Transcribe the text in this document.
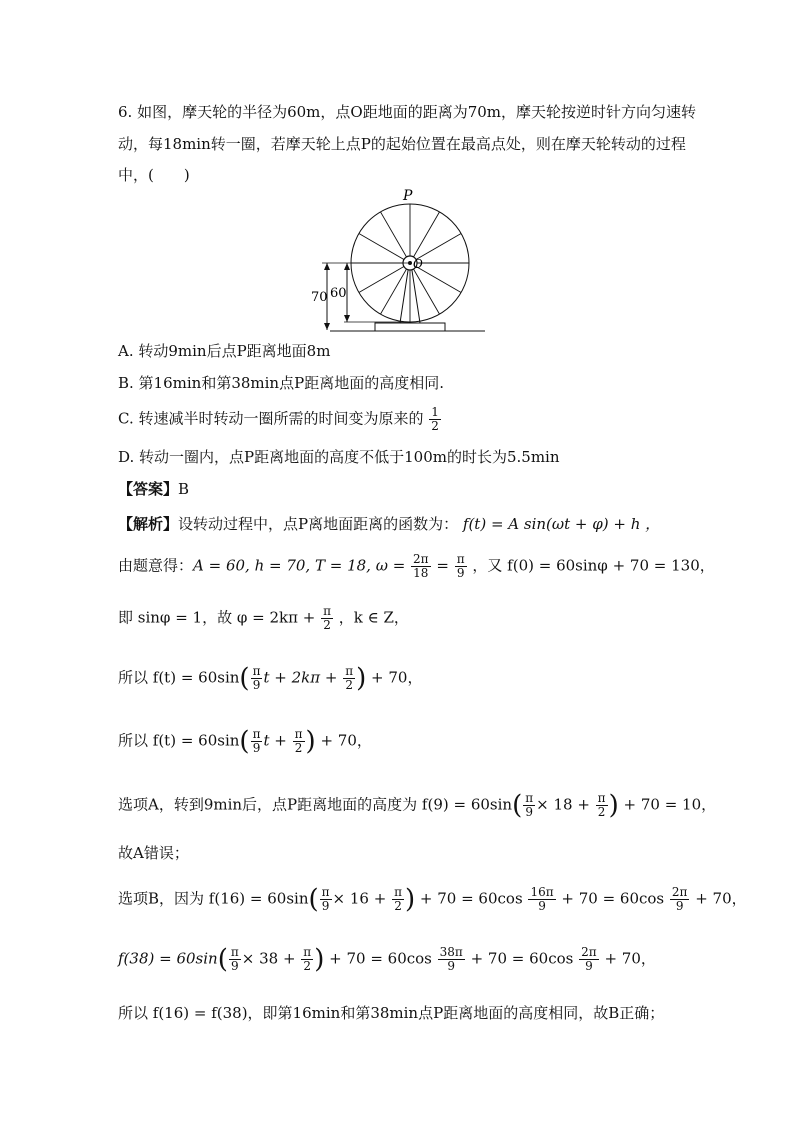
6. 如图，摩天轮的半径为60m，点O距地面的距离为70m，摩天轮按逆时针方向匀速转
动，每18min转一圈，若摩天轮上点P的起始位置在最高点处，则在摩天轮转动的过程
中，(　　)
P
O
70 60
A. 转动9min后点P距离地面8m
B. 第16min和第38min点P距离地面的高度相同.
C. 转速减半时转动一圈所需的时间变为原来的 $\frac{1}{2}$
D. 转动一圈内，点P距离地面的高度不低于100m的时长为5.5min
【答案】B
【解析】设转动过程中，点P离地面距离的函数为： f(t) = A sin(ωt + φ) + h ，
由题意得：A = 60, h = 70, T = 18, $\omega = \frac{2\pi}{18} = \frac{\pi}{9}$ ，又 f(0) = 60sinφ + 70 = 130，
即 sinφ = 1，故 $\varphi = 2k\pi + \frac{\pi}{2}$ ，k ∈ Z，
所以 $f(t) = 60\sin( \frac{\pi}{9}$ $t + 2k\pi + \frac{\pi}{2}$ ) + 70，
所以 $f(t) = 60\sin( \frac{\pi}{9}$ $t + \frac{\pi}{2}$ ) + 70，
选项A，转到9min后，点P距离地面的高度为 $f(9) = 60\sin( \frac{\pi}{9} \times 18 + \frac{\pi}{2}$ ) + 70 = 10，
故A错误；
选项B，因为 $f(16) = 60\sin( \frac{\pi}{9} \times 16 + \frac{\pi}{2}$ ) + $70 = 60\cos \frac{16\pi}{9} + 70 = 60\cos \frac{2\pi}{9} + 70$，
$f(38) = 60\sin( \frac{\pi}{9} \times 38 + \frac{\pi}{2}$ ) + $70 = 60\cos \frac{38\pi}{9} + 70 = 60\cos \frac{2\pi}{9} + 70$，
所以 f(16) = f(38)，即第16min和第38min点P距离地面的高度相同，故B正确；
